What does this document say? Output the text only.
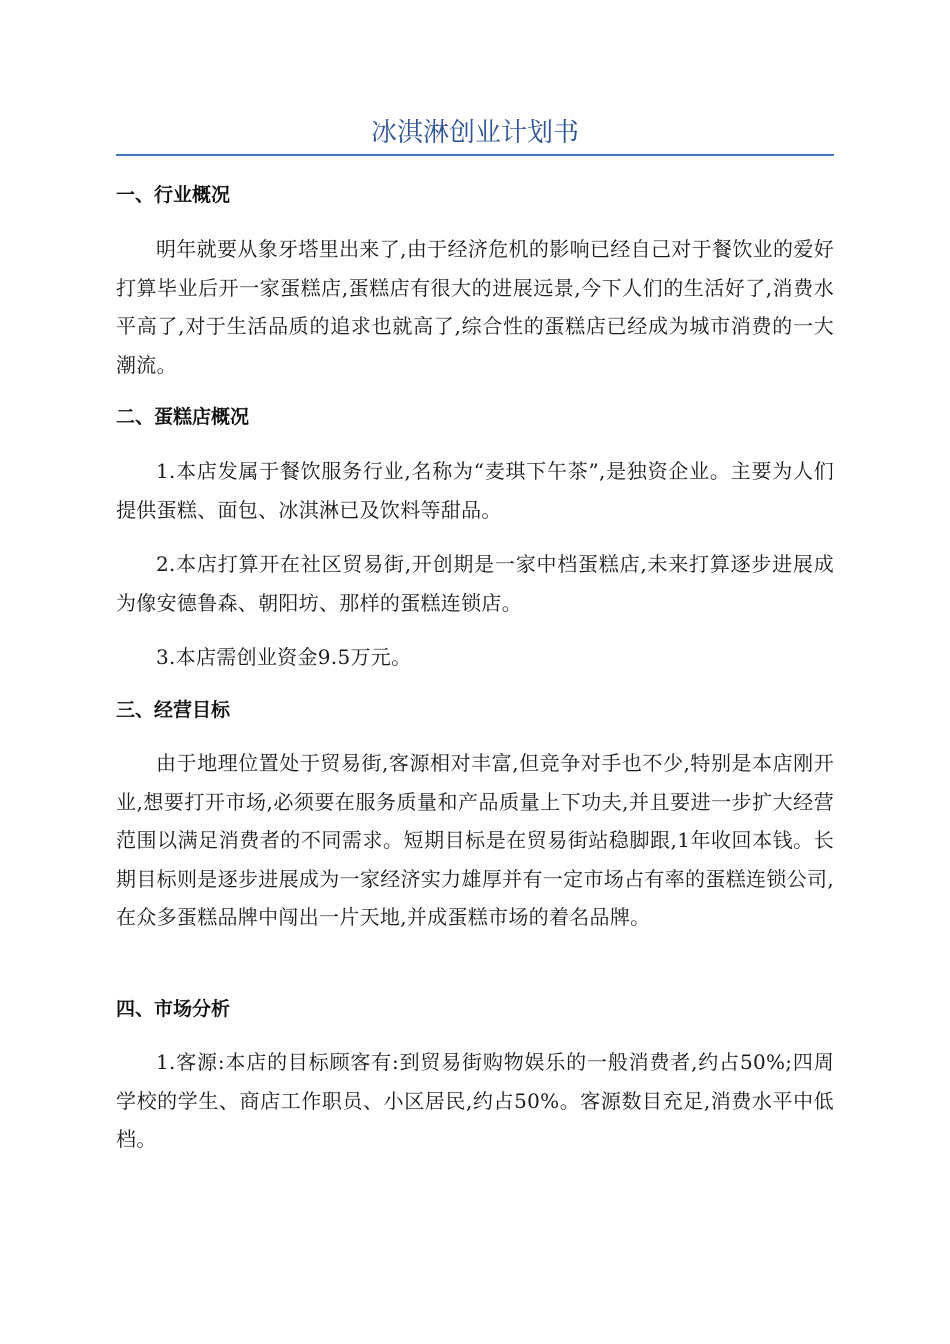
冰淇淋创业计划书
一、行业概况
明年就要从象牙塔里出来了,由于经济危机的影响已经自己对于餐饮业的爱好打算毕业后开一家蛋糕店,蛋糕店有很大的进展远景,今下人们的生活好了,消费水平高了,对于生活品质的追求也就高了,综合性的蛋糕店已经成为城市消费的一大潮流。
二、蛋糕店概况
1.本店发属于餐饮服务行业,名称为“麦琪下午茶”,是独资企业。主要为人们提供蛋糕、面包、冰淇淋已及饮料等甜品。
2.本店打算开在社区贸易街,开创期是一家中档蛋糕店,未来打算逐步进展成为像安德鲁森、朝阳坊、那样的蛋糕连锁店。
3.本店需创业资金9.5万元。
三、经营目标
由于地理位置处于贸易街,客源相对丰富,但竞争对手也不少,特别是本店刚开业,想要打开市场,必须要在服务质量和产品质量上下功夫,并且要进一步扩大经营范围以满足消费者的不同需求。短期目标是在贸易街站稳脚跟,1年收回本钱。长期目标则是逐步进展成为一家经济实力雄厚并有一定市场占有率的蛋糕连锁公司,在众多蛋糕品牌中闯出一片天地,并成蛋糕市场的着名品牌。
四、市场分析
1.客源:本店的目标顾客有:到贸易街购物娱乐的一般消费者,约占50%;四周学校的学生、商店工作职员、小区居民,约占50%。客源数目充足,消费水平中低档。
